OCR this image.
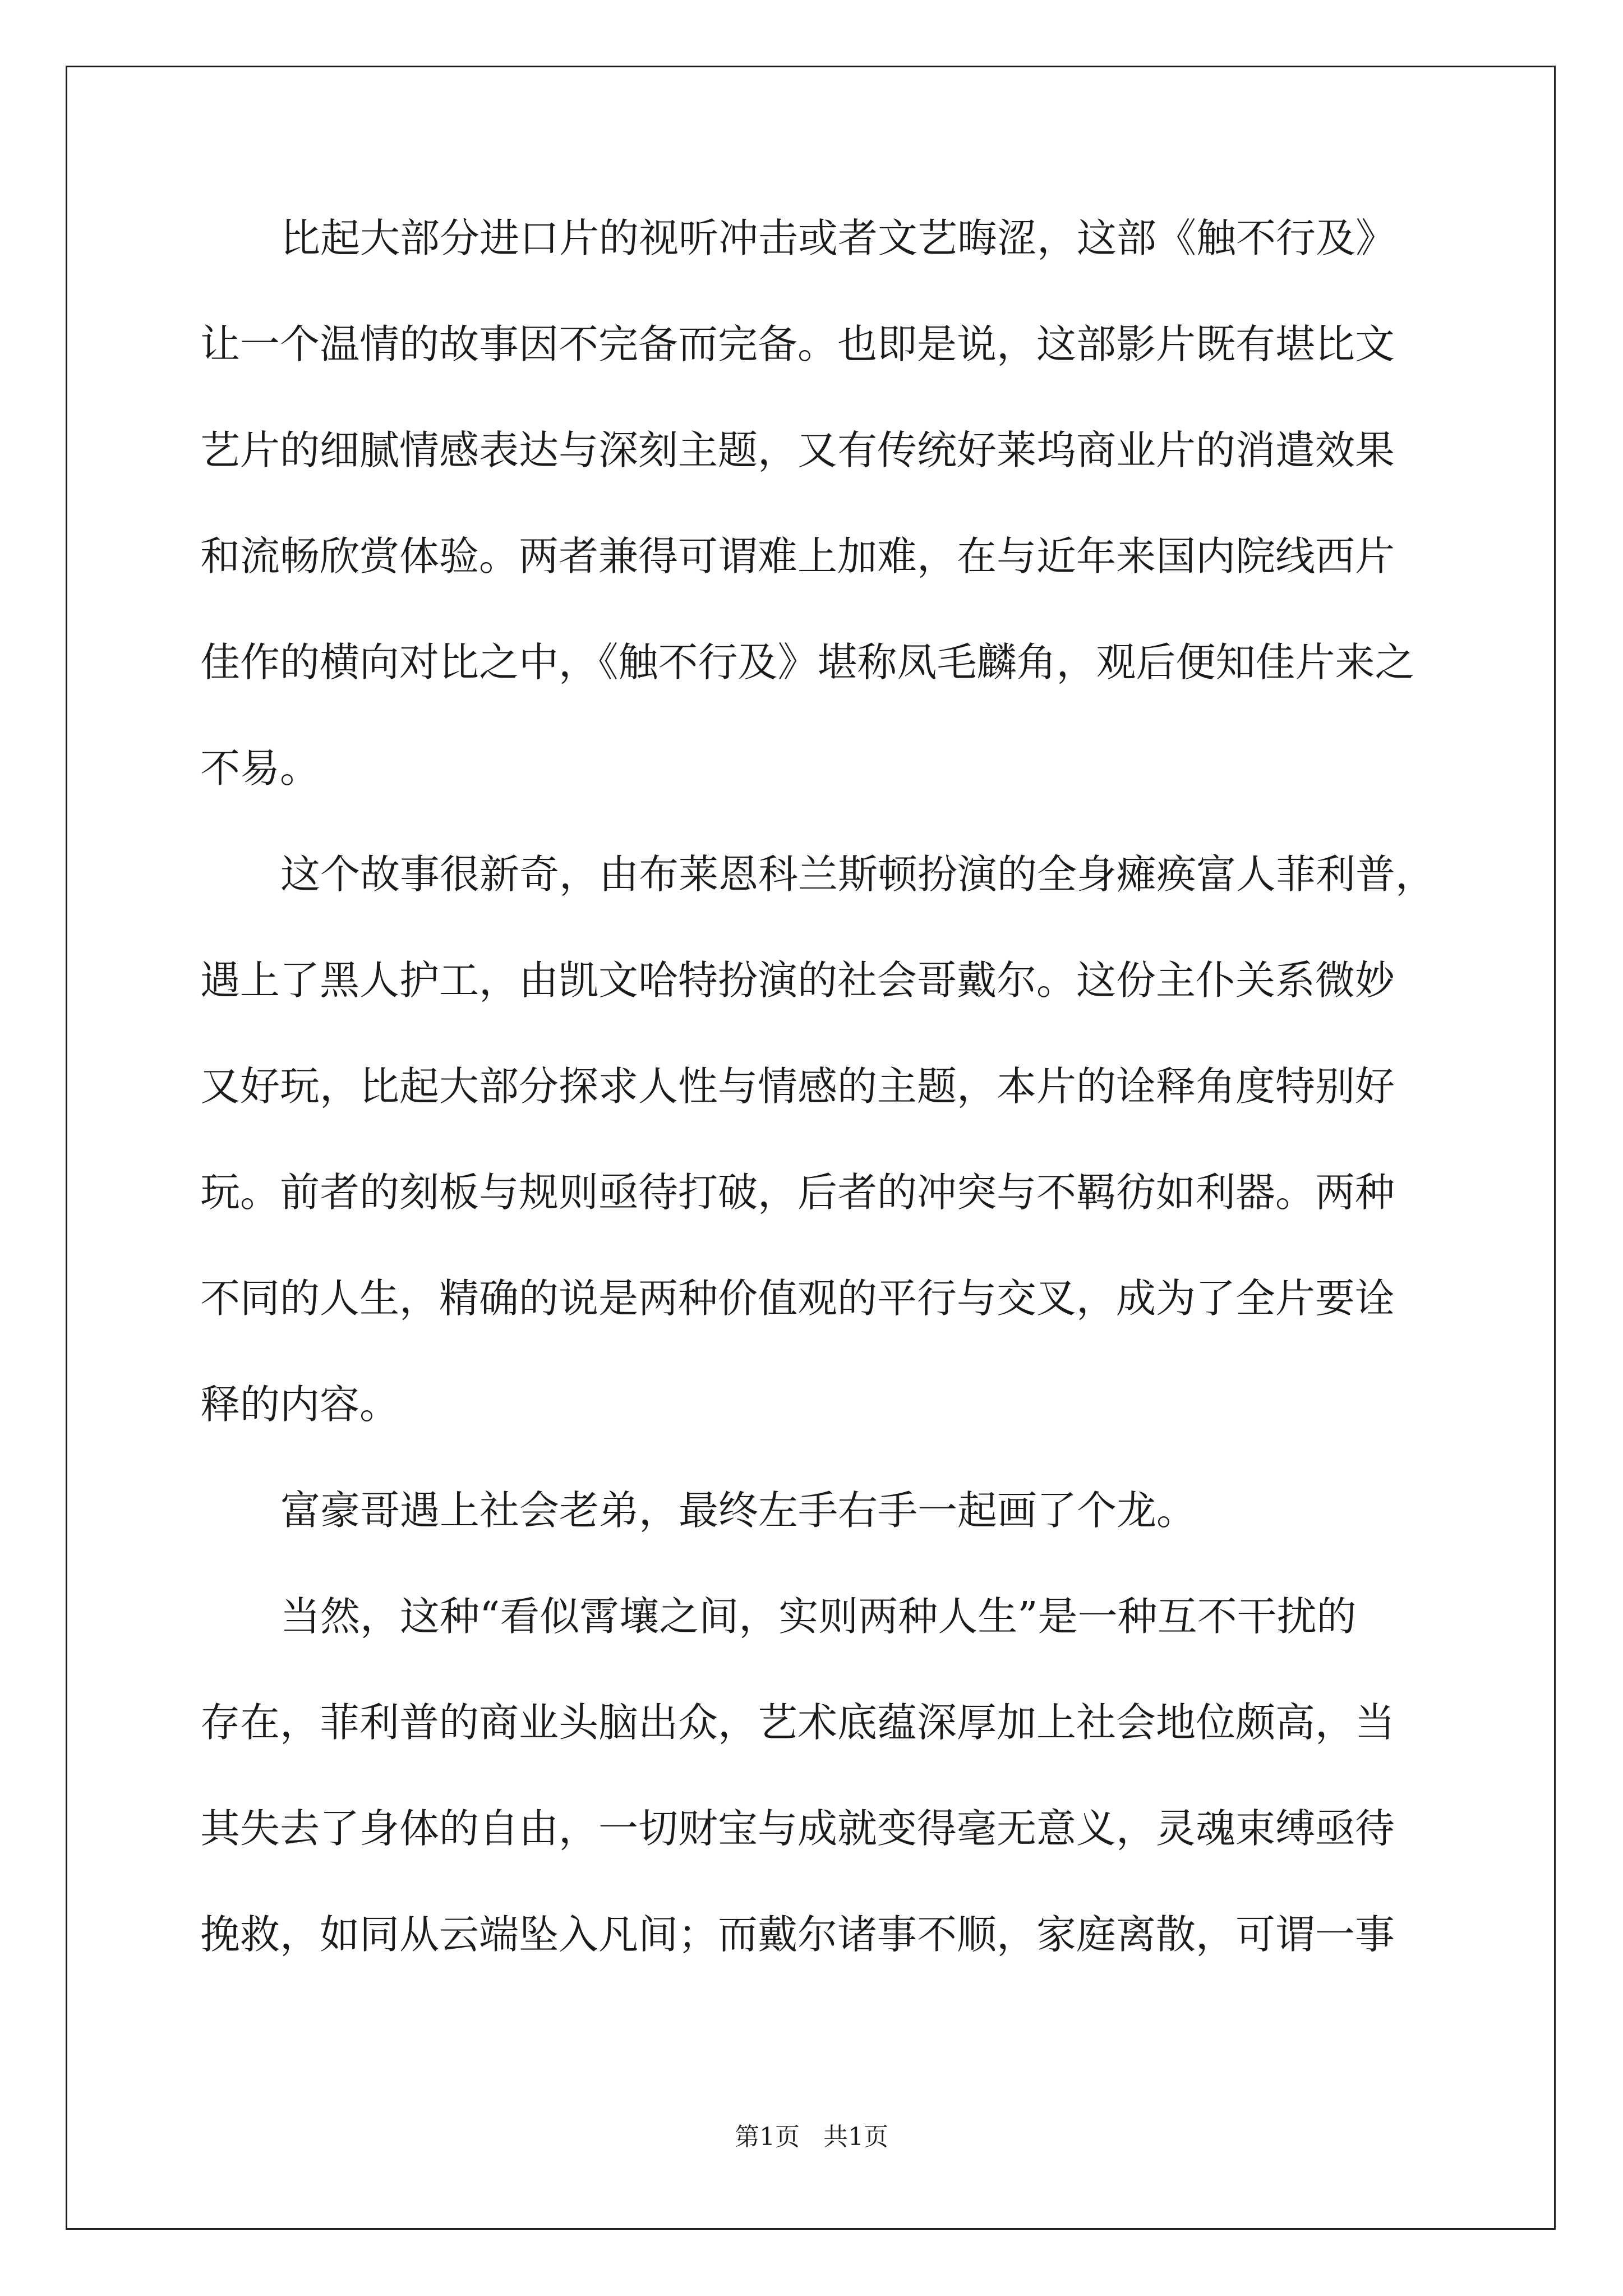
比起大部分进口片的视听冲击或者文艺晦涩，这部《触不行及》
让一个温情的故事因不完备而完备。也即是说，这部影片既有堪比文
艺片的细腻情感表达与深刻主题，又有传统好莱坞商业片的消遣效果
和流畅欣赏体验。两者兼得可谓难上加难，在与近年来国内院线西片
佳作的横向对比之中，《触不行及》堪称凤毛麟角，观后便知佳片来之
不易。
这个故事很新奇，由布莱恩科兰斯顿扮演的全身瘫痪富人菲利普，
遇上了黑人护工，由凯文哈特扮演的社会哥戴尔。这份主仆关系微妙
又好玩，比起大部分探求人性与情感的主题，本片的诠释角度特别好
玩。前者的刻板与规则亟待打破，后者的冲突与不羁彷如利器。两种
不同的人生，精确的说是两种价值观的平行与交叉，成为了全片要诠
释的内容。
富豪哥遇上社会老弟，最终左手右手一起画了个龙。
当然，这种“看似霄壤之间，实则两种人生”是一种互不干扰的
存在，菲利普的商业头脑出众，艺术底蕴深厚加上社会地位颇高，当
其失去了身体的自由，一切财宝与成就变得毫无意义，灵魂束缚亟待
挽救，如同从云端坠入凡间；而戴尔诸事不顺，家庭离散，可谓一事
第1页 共1页
